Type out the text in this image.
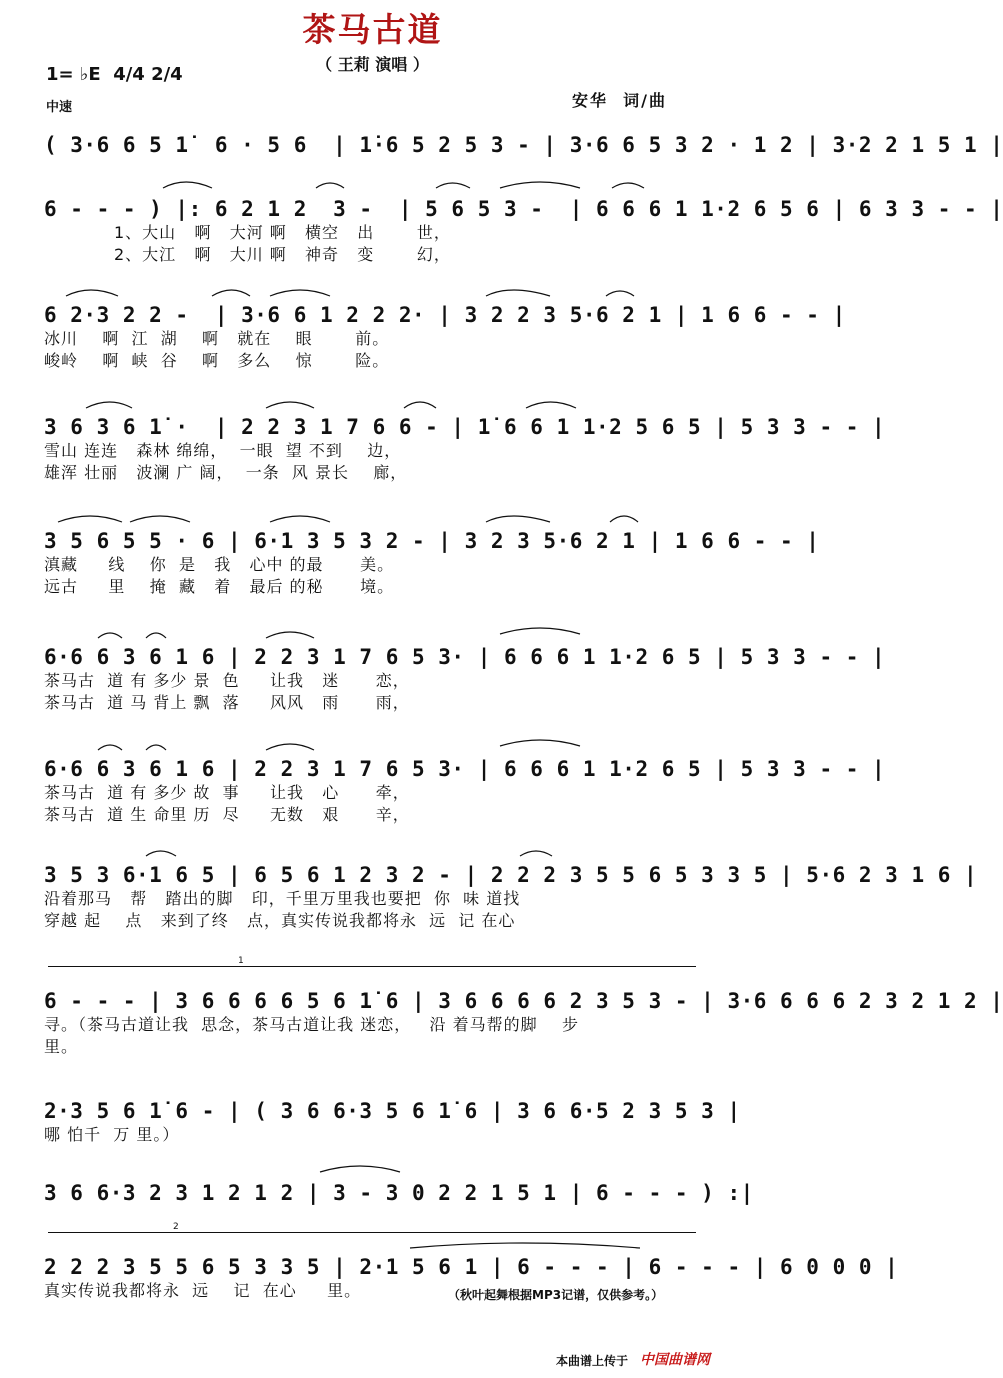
茶马古道
（ 王莉 演唱 ）
1= ♭E  4/4 2/4
中速	安华  词/曲
( 3·6 6 5 1̇  6 · 5 6  | 1̇·6 5 2 5 3 - | 3·6 6 5 3 2 · 1 2 | 3·2 2 1 5 1 |
6 - - - ) |: 6 2 1 2  3 -  | 5 6 5 3 -  | 6 6 6 1 1·2 6 5 6 | 6 3 3 - - |
1、大山   啊   大河 啊   横空   出       世，
2、大江   啊   大川 啊   神奇   变       幻，
6 2·3 2 2 -  | 3·6 6 1 2 2 2· | 3 2 2 3 5·6 2 1 | 1 6 6 - - |
冰川    啊  江  湖    啊   就在    眼       前。
峻岭    啊  峡  谷    啊   多么    惊       险。
3 6 3 6 1̇ ·  | 2 2 3 1 7 6 6 - | 1̇ 6 6 1 1·2 5 6 5 | 5 3 3 - - |
雪山 连连   森林 绵绵，  一眼  望 不到    边，
雄浑 壮丽   波澜 广 阔，  一条  风 景长    廊，
3 5 6 5 5 · 6 | 6·1 3 5 3 2 - | 3 2 3 5·6 2 1 | 1 6 6 - - |
滇藏     线    你  是   我   心中 的最      美。
远古     里    掩  藏   着   最后 的秘      境。
6·6 6 3 6 1 6 | 2 2 3 1 7 6 5 3· | 6 6 6 1 1·2 6 5 | 5 3 3 - - |
茶马古  道 有 多少 景  色     让我   迷      恋，
茶马古  道 马 背上 飘  落     风风   雨      雨，
6·6 6 3 6 1 6 | 2 2 3 1 7 6 5 3· | 6 6 6 1 1·2 6 5 | 5 3 3 - - |
茶马古  道 有 多少 故  事     让我   心      牵，
茶马古  道 生 命里 历  尽     无数   艰      辛，
3 5 3 6·1 6 5 | 6 5 6 1 2 3 2 - | 2 2 2 3 5 5 6 5 3 3 5 | 5·6 2 3 1 6 |
沿着那马   帮   踏出的脚   印，千里万里我也要把  你  味 道找
穿越 起    点   来到了终   点，真实传说我都将永  远  记 在心
1
6 - - - | 3 6 6 6 6 5 6 1̇ 6 | 3 6 6 6 6 2 3 5 3 - | 3·6 6 6 6 2 3 2 1 2 |
寻。（茶马古道让我  思念，茶马古道让我 迷恋，   沿 着马帮的脚    步
里。
2·3 5 6 1̇ 6 - | ( 3 6 6·3 5 6 1̇ 6 | 3 6 6·5 2 3 5 3 |
哪 怕千  万 里。）
3 6 6·3 2 3 1 2 1 2 | 3 - 3 0 2 2 1 5 1 | 6 - - - ) :|
2
2 2 2 3 5 5 6 5 3 3 5 | 2·1 5 6 1 | 6 - - - | 6 - - - | 6 0 0 0 |
真实传说我都将永  远    记  在心     里。	（秋叶起舞根据MP3记谱，仅供参考。）
本曲谱上传于 中国曲谱网
